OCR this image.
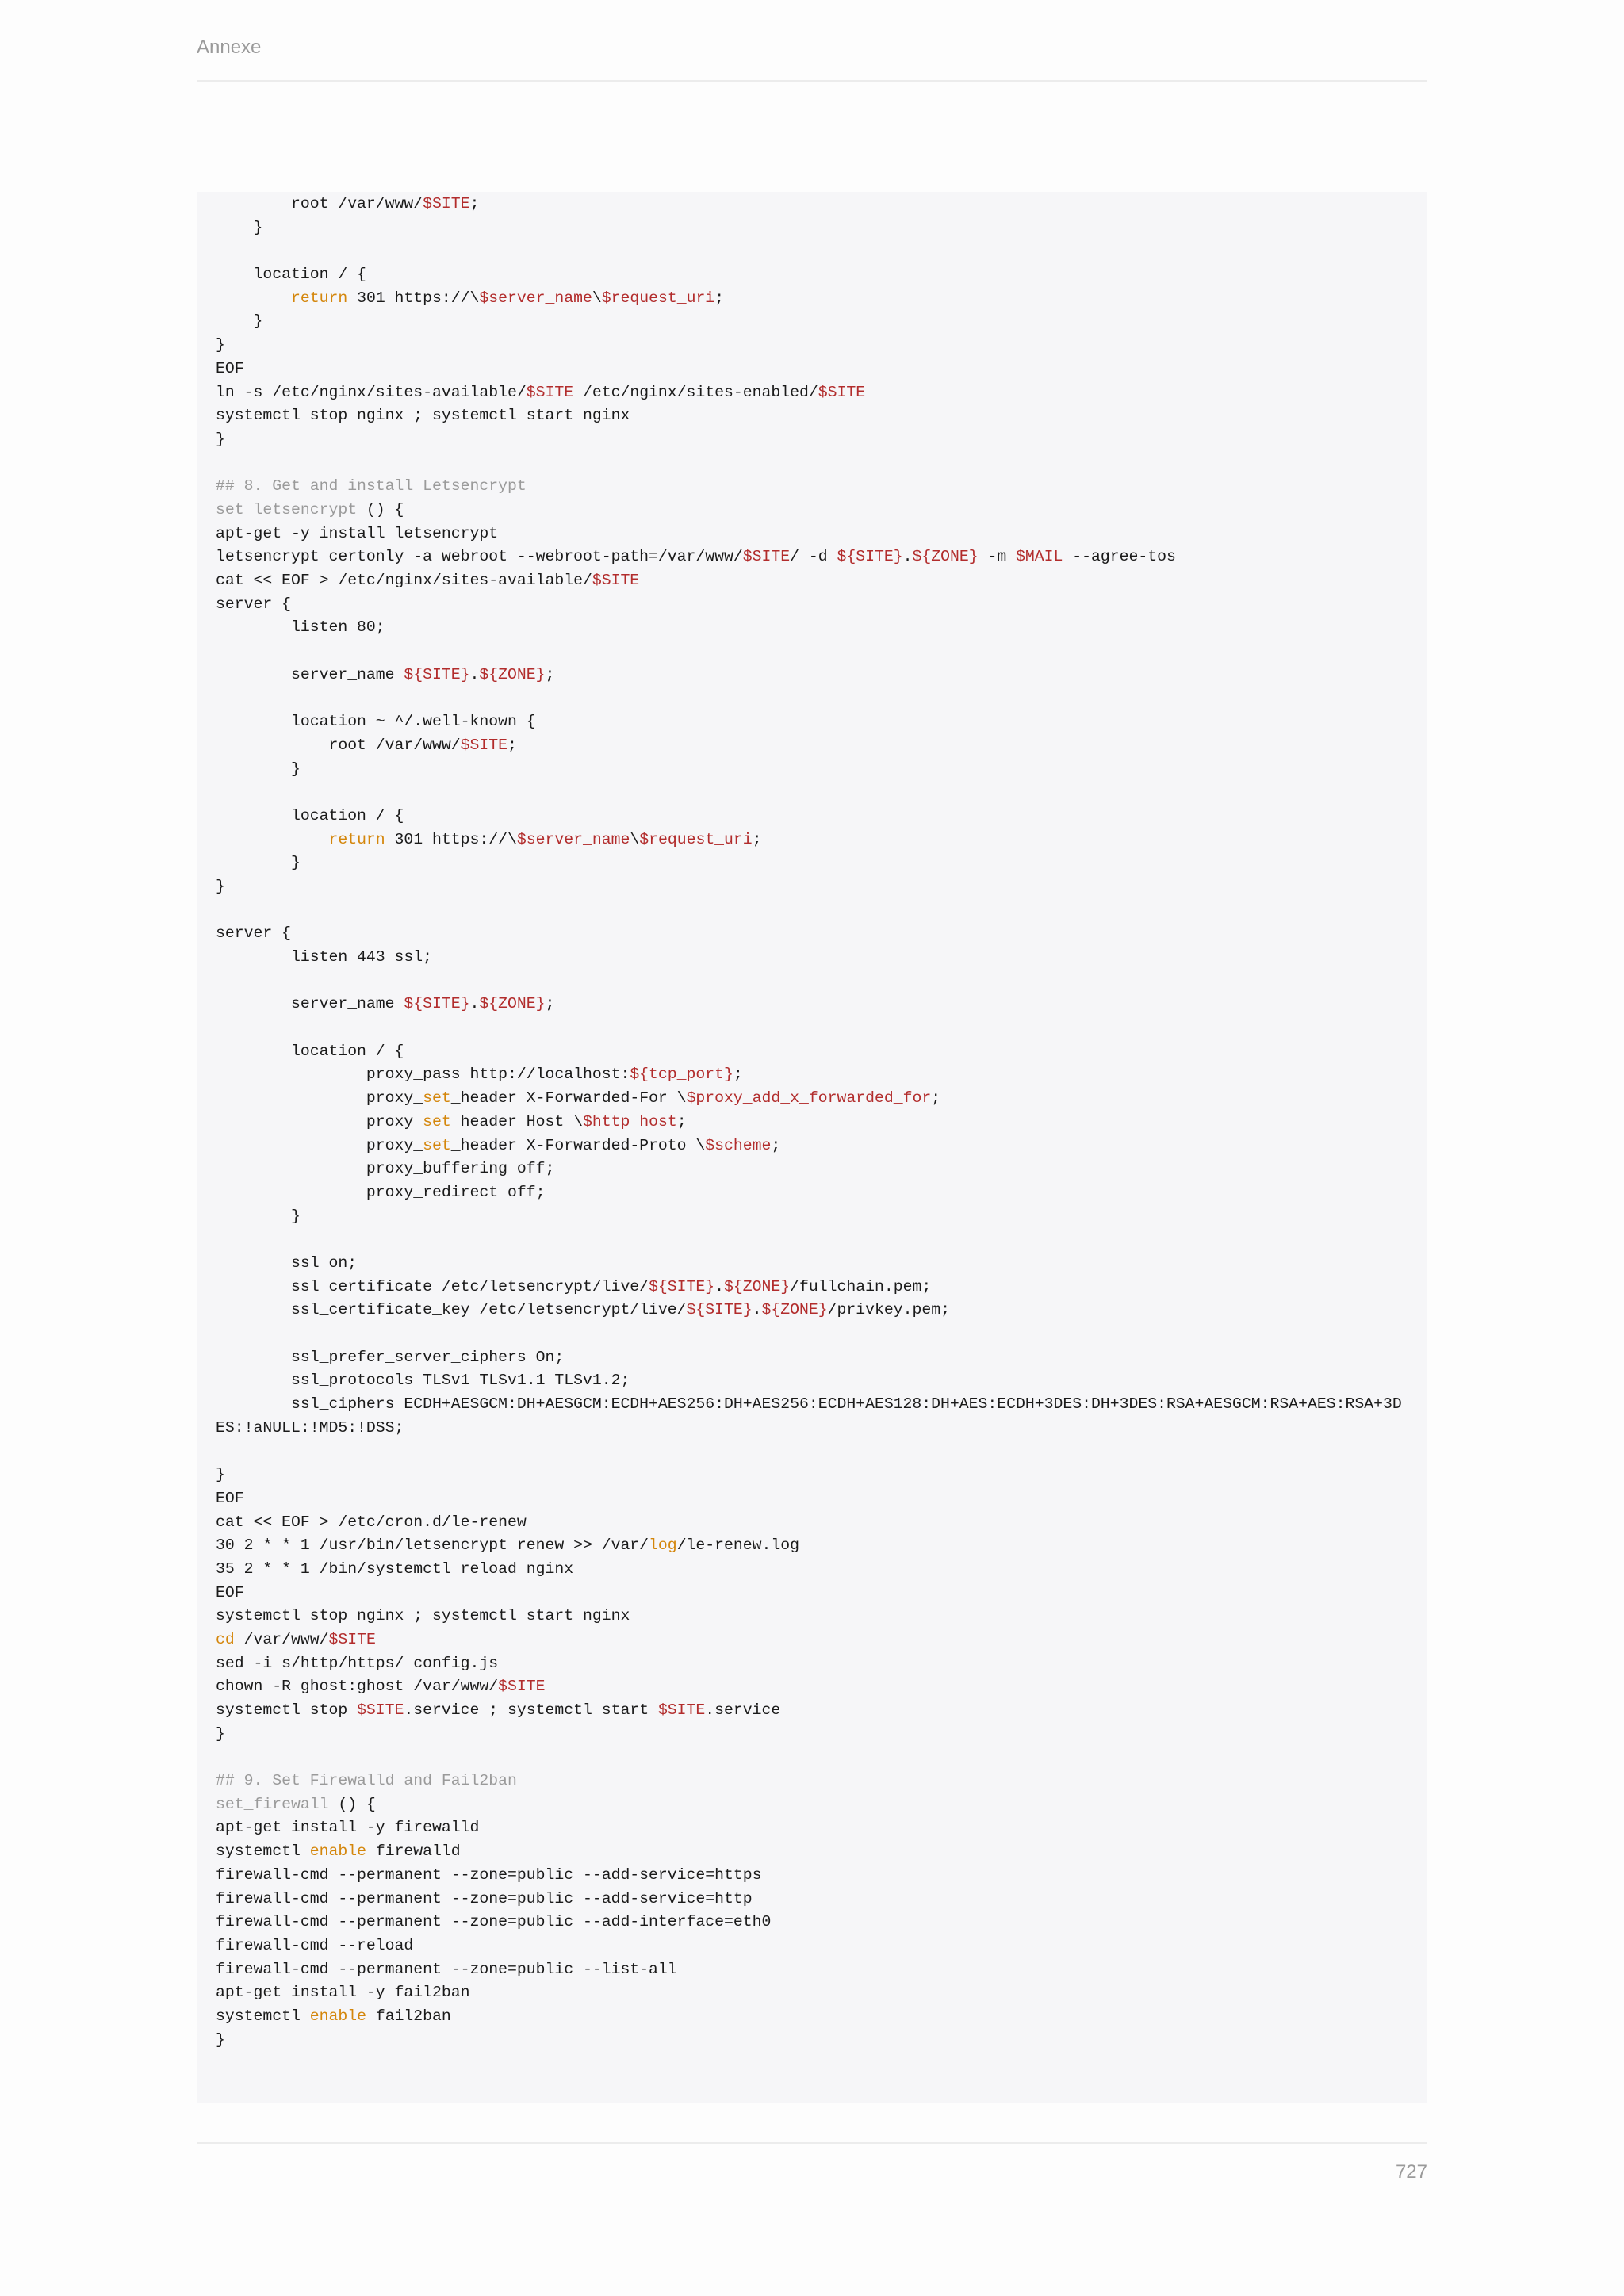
Annexe
root /var/www/$SITE;
}
location / {
return 301 https://\$server_name\$request_uri;
}
}
EOF
ln -s /etc/nginx/sites-available/$SITE /etc/nginx/sites-enabled/$SITE
systemctl stop nginx ; systemctl start nginx
}
## 8. Get and install Letsencrypt
set_letsencrypt () {
apt-get -y install letsencrypt
letsencrypt certonly -a webroot --webroot-path=/var/www/$SITE/ -d ${SITE}.${ZONE} -m $MAIL --agree-tos
cat << EOF > /etc/nginx/sites-available/$SITE
server {
listen 80;
server_name ${SITE}.${ZONE};
location ~ ^/.well-known {
root /var/www/$SITE;
}
location / {
return 301 https://\$server_name\$request_uri;
}
}
server {
listen 443 ssl;
server_name ${SITE}.${ZONE};
location / {
proxy_pass http://localhost:${tcp_port};
proxy_set_header X-Forwarded-For \$proxy_add_x_forwarded_for;
proxy_set_header Host \$http_host;
proxy_set_header X-Forwarded-Proto \$scheme;
proxy_buffering off;
proxy_redirect off;
}
ssl on;
ssl_certificate /etc/letsencrypt/live/${SITE}.${ZONE}/fullchain.pem;
ssl_certificate_key /etc/letsencrypt/live/${SITE}.${ZONE}/privkey.pem;
ssl_prefer_server_ciphers On;
ssl_protocols TLSv1 TLSv1.1 TLSv1.2;
ssl_ciphers ECDH+AESGCM:DH+AESGCM:ECDH+AES256:DH+AES256:ECDH+AES128:DH+AES:ECDH+3DES:DH+3DES:RSA+AESGCM:RSA+AES:RSA+3D
ES:!aNULL:!MD5:!DSS;
}
EOF
cat << EOF > /etc/cron.d/le-renew
30 2 * * 1 /usr/bin/letsencrypt renew >> /var/log/le-renew.log
35 2 * * 1 /bin/systemctl reload nginx
EOF
systemctl stop nginx ; systemctl start nginx
cd /var/www/$SITE
sed -i s/http/https/ config.js
chown -R ghost:ghost /var/www/$SITE
systemctl stop $SITE.service ; systemctl start $SITE.service
}
## 9. Set Firewalld and Fail2ban
set_firewall () {
apt-get install -y firewalld
systemctl enable firewalld
firewall-cmd --permanent --zone=public --add-service=https
firewall-cmd --permanent --zone=public --add-service=http
firewall-cmd --permanent --zone=public --add-interface=eth0
firewall-cmd --reload
firewall-cmd --permanent --zone=public --list-all
apt-get install -y fail2ban
systemctl enable fail2ban
}
727
